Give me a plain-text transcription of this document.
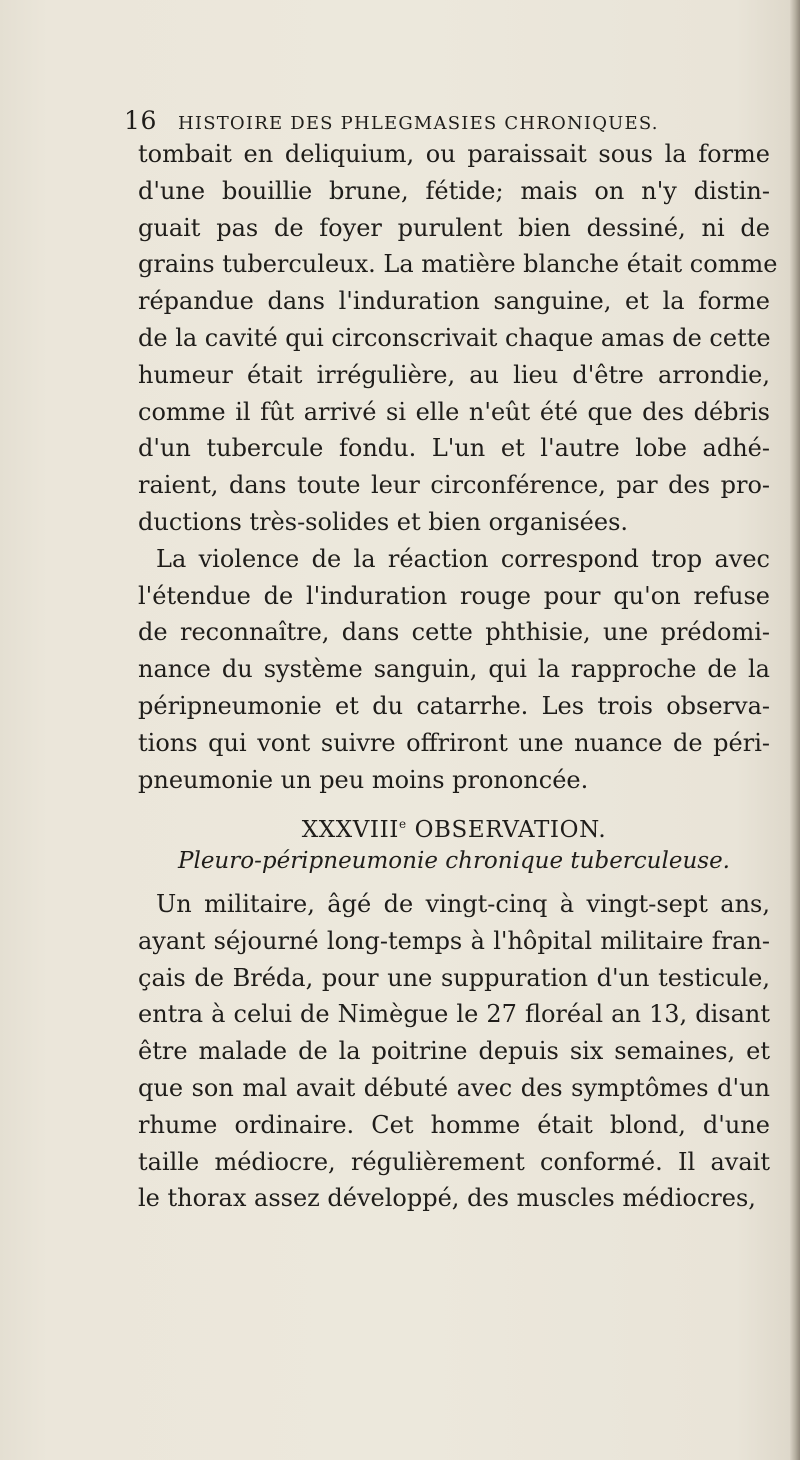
16 HISTOIRE DES PHLEGMASIES CHRONIQUES.
tombait en deliquium, ou paraissait sous la forme
d'une bouillie brune, fétide; mais on n'y distin-
guait pas de foyer purulent bien dessiné, ni de
grains tuberculeux. La matière blanche était comme
répandue dans l'induration sanguine, et la forme
de la cavité qui circonscrivait chaque amas de cette
humeur était irrégulière, au lieu d'être arrondie,
comme il fût arrivé si elle n'eût été que des débris
d'un tubercule fondu. L'un et l'autre lobe adhé-
raient, dans toute leur circonférence, par des pro-
ductions très-solides et bien organisées.
La violence de la réaction correspond trop avec
l'étendue de l'induration rouge pour qu'on refuse
de reconnaître, dans cette phthisie, une prédomi-
nance du système sanguin, qui la rapproche de la
péripneumonie et du catarrhe. Les trois observa-
tions qui vont suivre offriront une nuance de péri-
pneumonie un peu moins prononcée.
XXXVIIIe OBSERVATION.
Pleuro-péripneumonie chronique tuberculeuse.
Un militaire, âgé de vingt-cinq à vingt-sept ans,
ayant séjourné long-temps à l'hôpital militaire fran-
çais de Bréda, pour une suppuration d'un testicule,
entra à celui de Nimègue le 27 floréal an 13, disant
être malade de la poitrine depuis six semaines, et
que son mal avait débuté avec des symptômes d'un
rhume ordinaire. Cet homme était blond, d'une
taille médiocre, régulièrement conformé. Il avait
le thorax assez développé, des muscles médiocres,
